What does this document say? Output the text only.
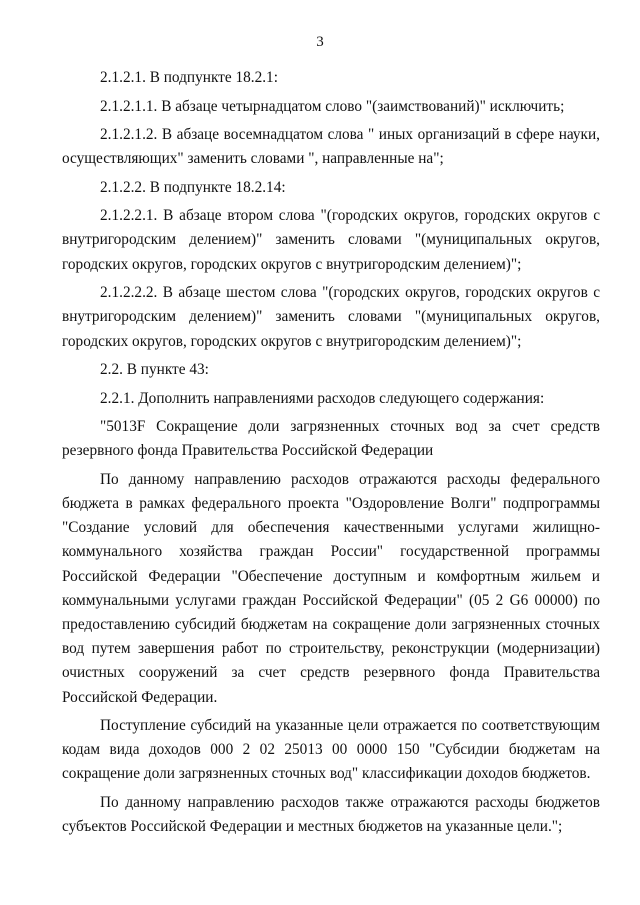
3

2.1.2.1. В подпункте 18.2.1:

2.1.2.1.1. В абзаце четырнадцатом слово "(заимствований)" исключить;

2.1.2.1.2. В абзаце восемнадцатом слова " иных организаций в сфере науки, осуществляющих" заменить словами ", направленные на";

2.1.2.2. В подпункте 18.2.14:

2.1.2.2.1. В абзаце втором слова "(городских округов, городских округов с внутригородским делением)" заменить словами "(муниципальных округов, городских округов, городских округов с внутригородским делением)";

2.1.2.2.2. В абзаце шестом слова "(городских округов, городских округов с внутригородским делением)" заменить словами "(муниципальных округов, городских округов, городских округов с внутригородским делением)";

2.2. В пункте 43:

2.2.1. Дополнить направлениями расходов следующего содержания:

"5013F Сокращение доли загрязненных сточных вод за счет средств резервного фонда Правительства Российской Федерации

По данному направлению расходов отражаются расходы федерального бюджета в рамках федерального проекта "Оздоровление Волги" подпрограммы "Создание условий для обеспечения качественными услугами жилищно-коммунального хозяйства граждан России" государственной программы Российской Федерации "Обеспечение доступным и комфортным жильем и коммунальными услугами граждан Российской Федерации" (05 2 G6 00000) по предоставлению субсидий бюджетам на сокращение доли загрязненных сточных вод путем завершения работ по строительству, реконструкции (модернизации) очистных сооружений за счет средств резервного фонда Правительства Российской Федерации.

Поступление субсидий на указанные цели отражается по соответствующим кодам вида доходов 000 2 02 25013 00 0000 150 "Субсидии бюджетам на сокращение доли загрязненных сточных вод" классификации доходов бюджетов.

По данному направлению расходов также отражаются расходы бюджетов субъектов Российской Федерации и местных бюджетов на указанные цели.";
